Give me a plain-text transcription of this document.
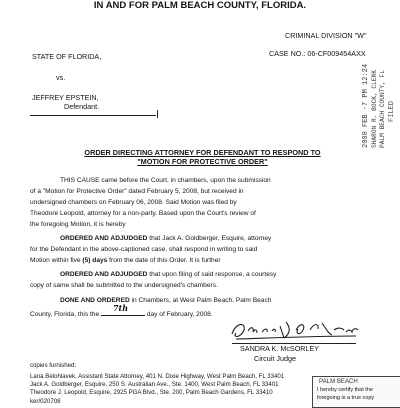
IN AND FOR PALM BEACH COUNTY, FLORIDA.
CRIMINAL DIVISION "W"
CASE NO.: 06-CF009454AXX
STATE OF FLORIDA,
vs.
JEFFREY EPSTEIN,
Defendant.
ORDER DIRECTING ATTORNEY FOR DEFENDANT TO RESPOND TO
"MOTION FOR PROTECTIVE ORDER"
THIS CAUSE came before the Court, in chambers, upon the submission
of a "Motion for Protective Order" dated February 5, 2008, but received in
undersigned chambers on February 06, 2008. Said Motion was filed by
Theodore Leopold, attorney for a non-party. Based upon the Court's review of
the foregoing Motion, it is hereby
ORDERED AND ADJUDGED that Jack A. Goldberger, Esquire, attorney
for the Defendant in the above-captioned case, shall respond in writing to said
Motion within five (5) days from the date of this Order. It is further
ORDERED AND ADJUDGED that upon filing of said response, a courtesy
copy of same shall be submitted to the undersigned's chambers.
DONE AND ORDERED in Chambers, at West Palm Beach, Palm Beach
County, Florida, this the
7th
day of February, 2008.
SANDRA K. McSORLEY
Circuit Judge
copies furnished:
Lana Belohlavek, Assistant State Attorney, 401 N. Dixie Highway, West Palm Beach, FL 33401
Jack A. Goldberger, Esquire, 250 S. Australian Ave., Ste. 1400, West Palm Beach, FL 33401
Theodore J. Leopold, Esquire, 2925 PGA Blvd., Ste. 200, Palm Beach Gardens, FL 33410
ker/020708
PALM BEACH
I hereby certify that the
foregoing is a true copy
2008 FEB -7 PM 12:24 SHARON R. BOCK, CLERK PALM BEACH COUNTY, FL FILED
